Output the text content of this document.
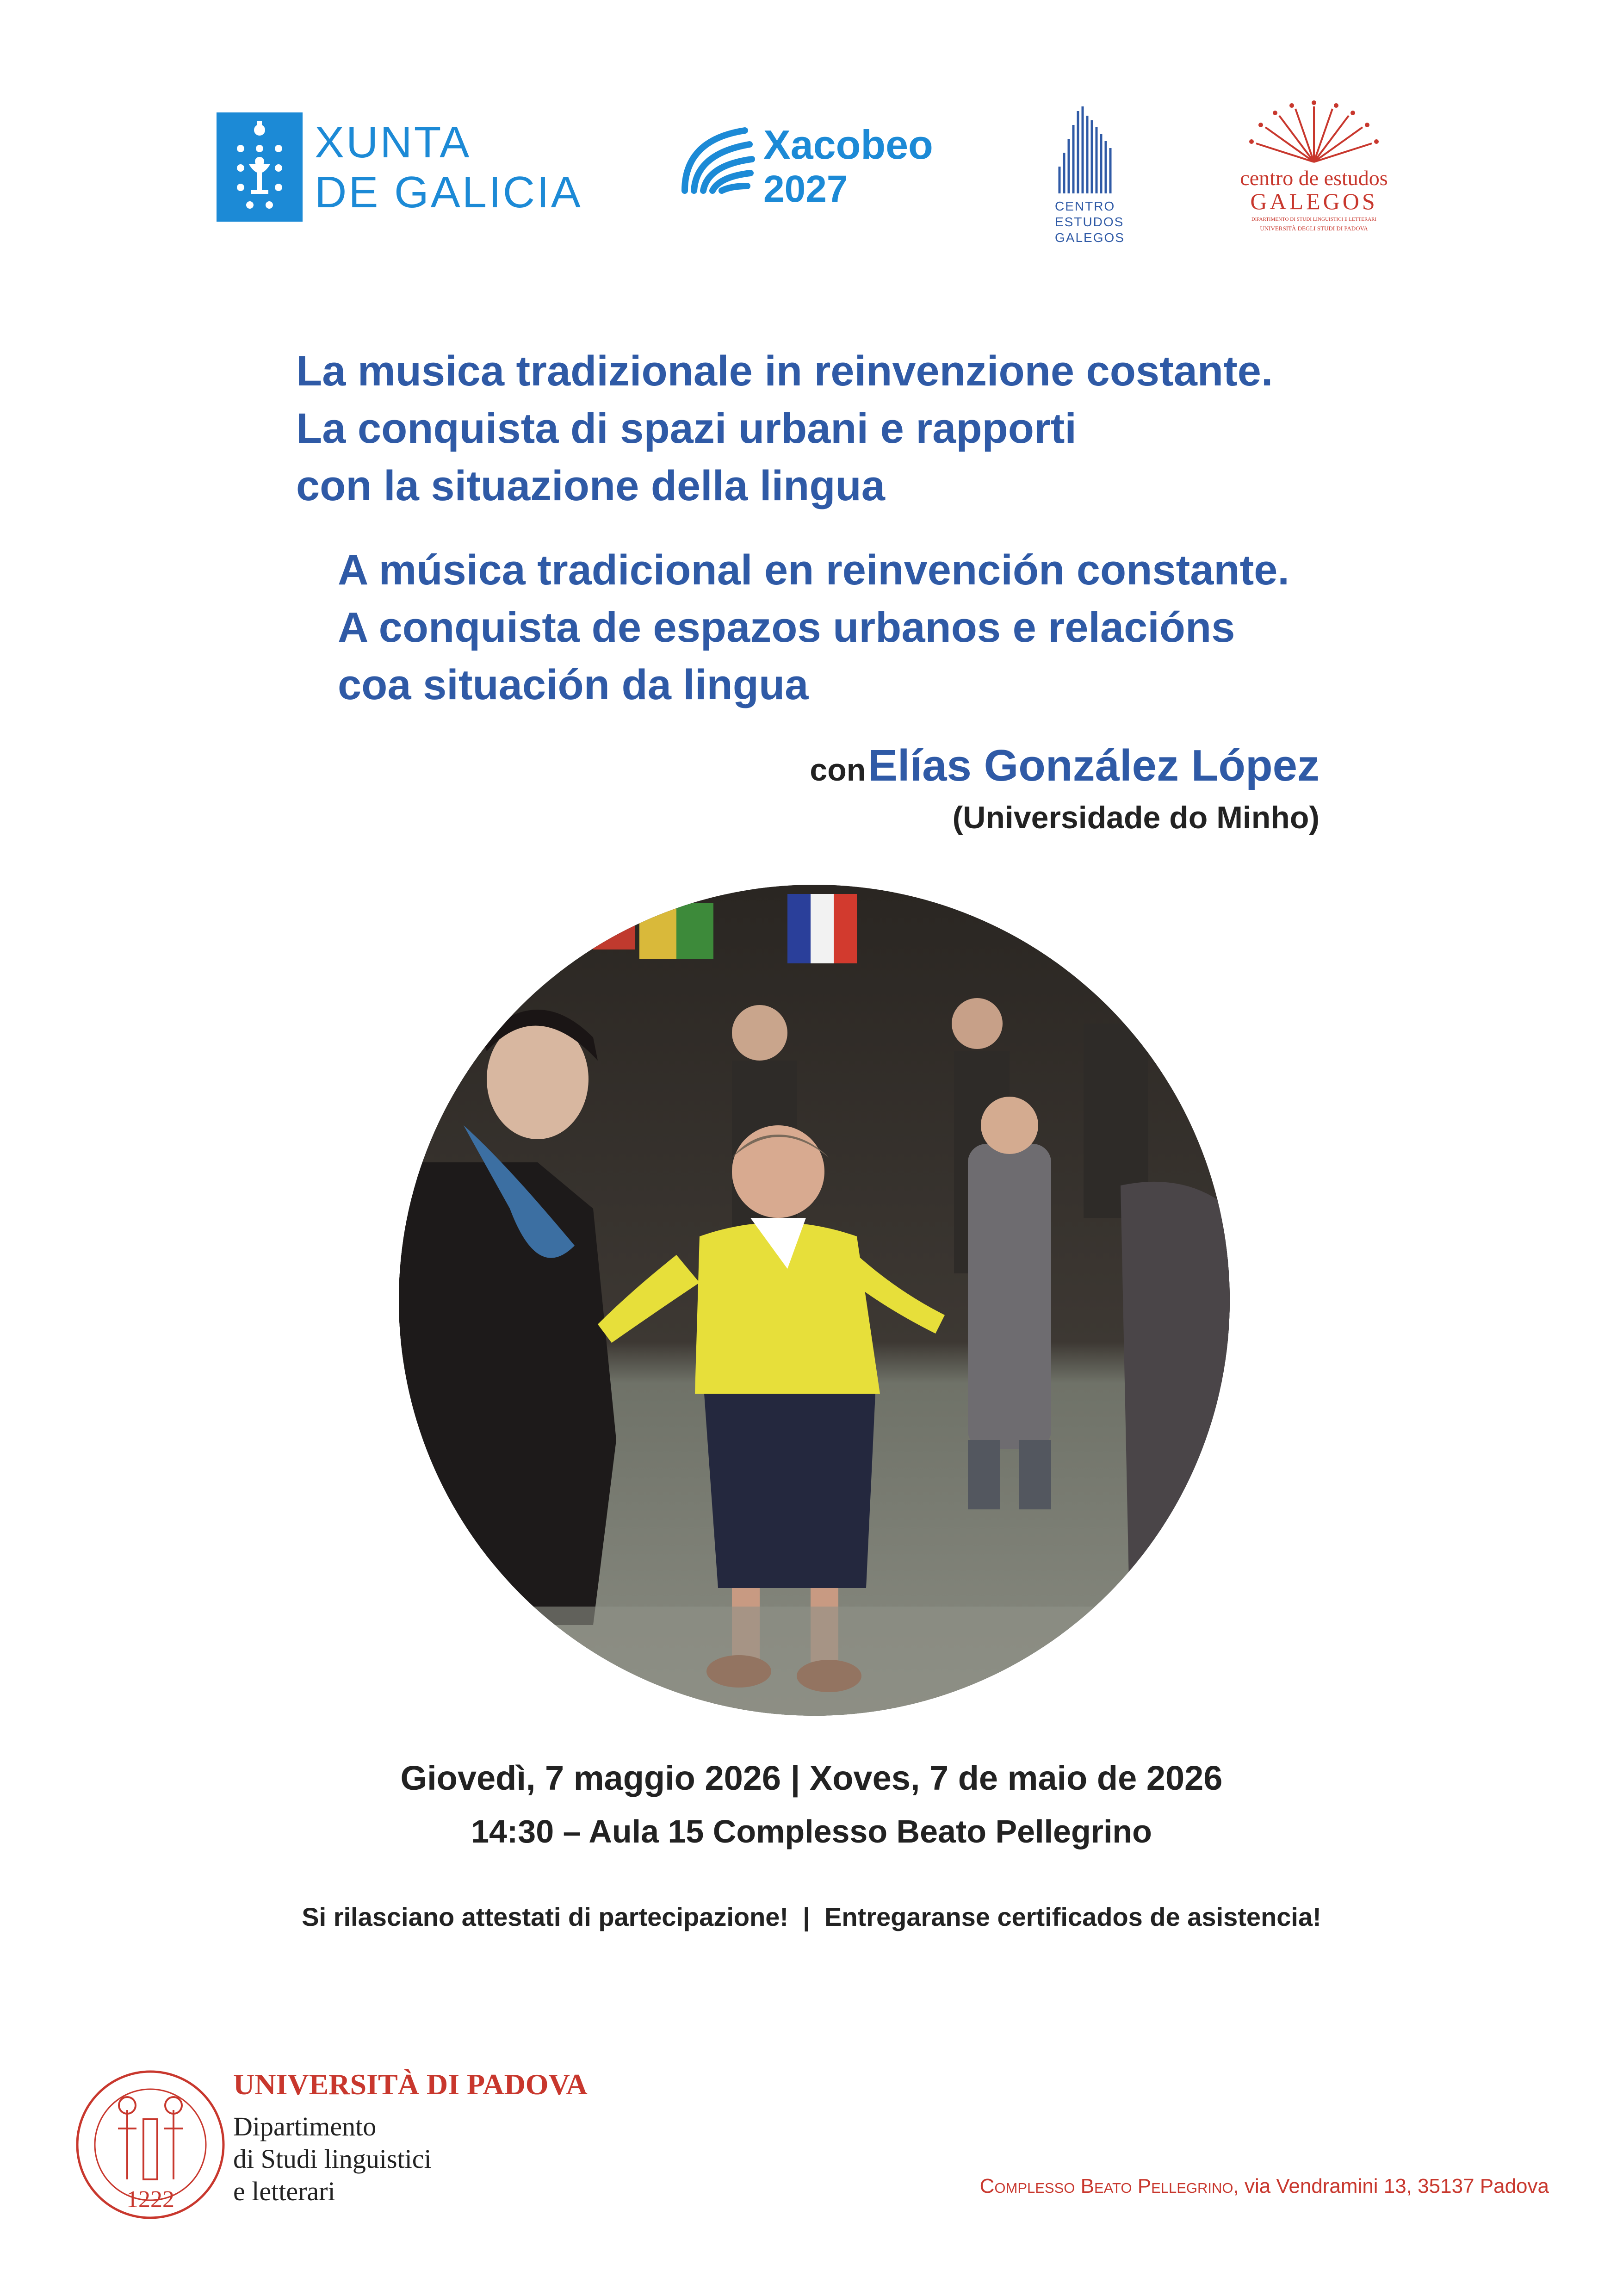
XUNTA
DE GALICIA
Xacobeo
2027	CENTRO
ESTUDOS
GALEGOS
centro de estudos
GALEGOS
DIPARTIMENTO DI STUDI LINGUISTICI E LETTERARI
UNIVERSITÀ DEGLI STUDI DI PADOVA
La musica tradizionale in reinvenzione costante.
La conquista di spazi urbani e rapporti
con la situazione della lingua
A música tradicional en reinvención constante.
A conquista de espazos urbanos e relacións
coa situación da lingua
con Elías González López
(Universidade do Minho)
Giovedì, 7 maggio 2026 | Xoves, 7 de maio de 2026
14:30 – Aula 15 Complesso Beato Pellegrino
Si rilasciano attestati di partecipazione!  |  Entregaranse certificados de asistencia!
1222
UNIVERSITÀ DI PADOVA
Dipartimento
di Studi linguistici
e letterari	Complesso Beato Pellegrino, via Vendramini 13, 35137 Padova
